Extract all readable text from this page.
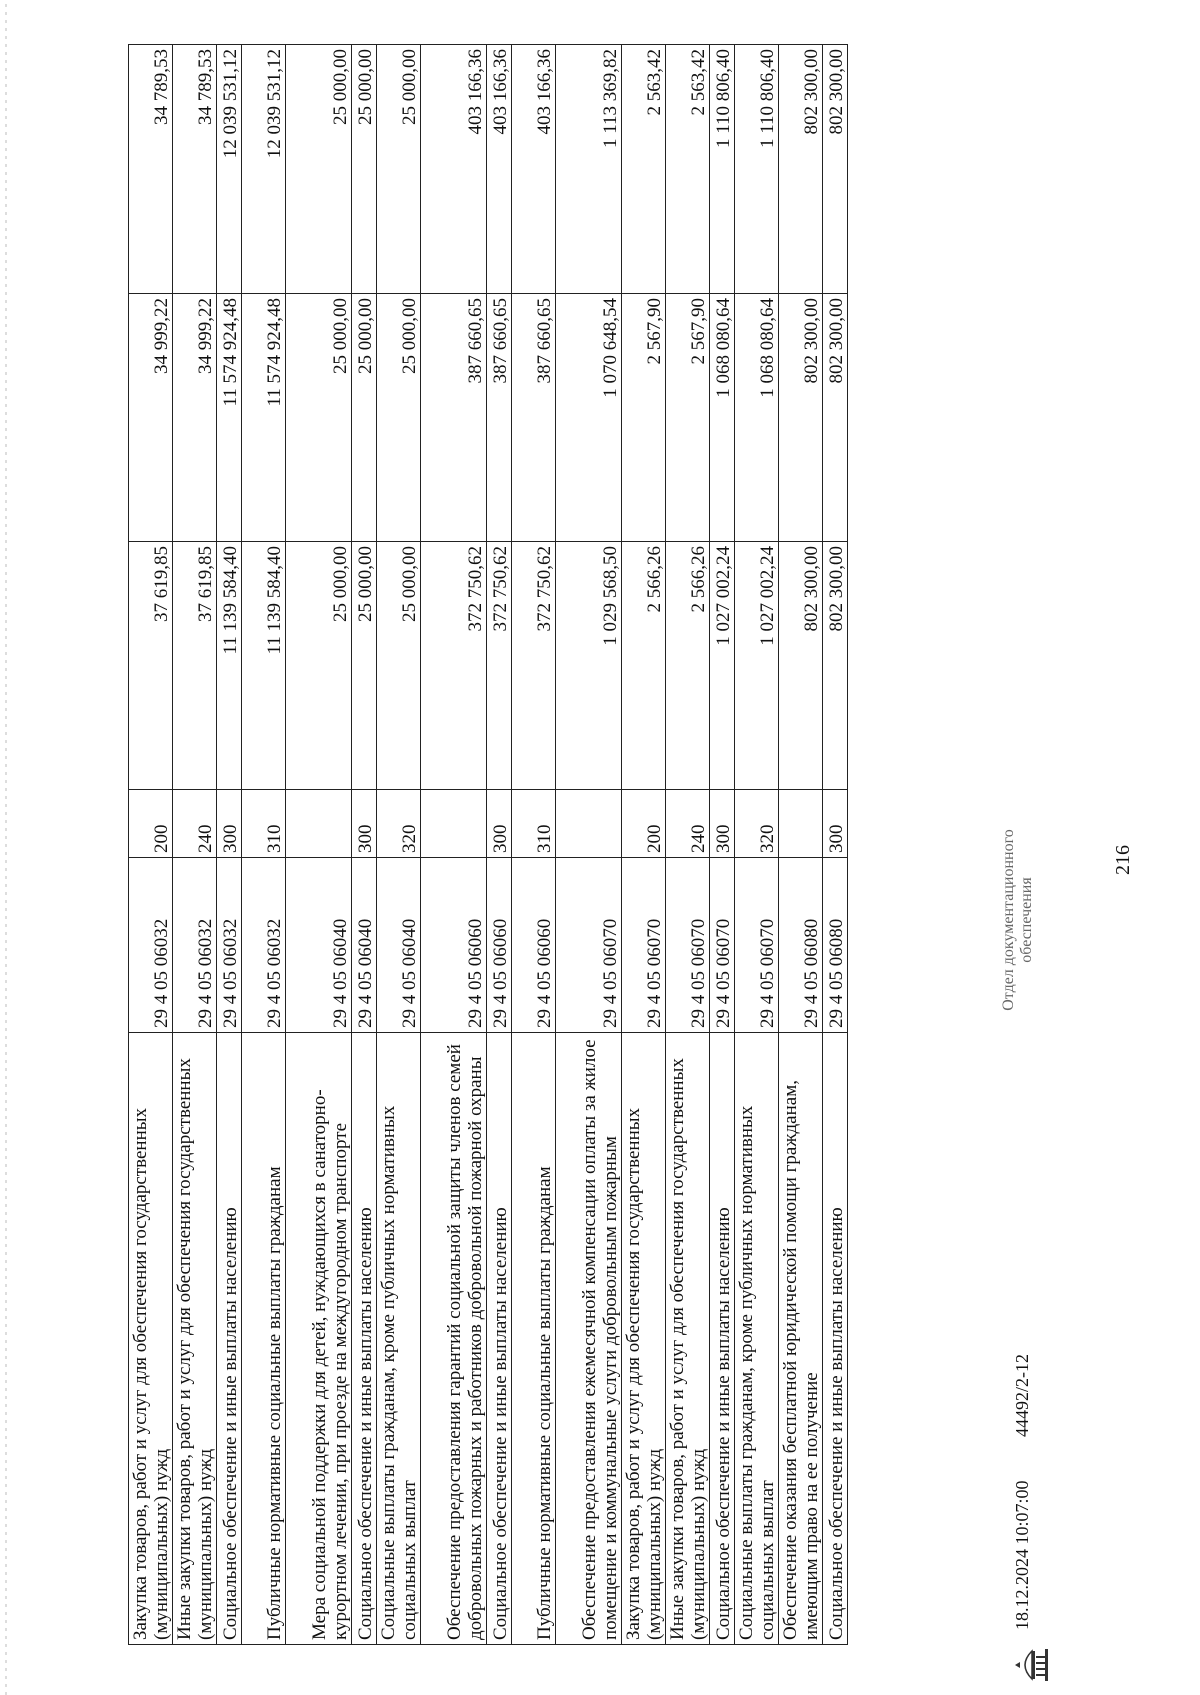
216
Закупка товаров, работ и услуг для обеспечения государственных (муниципальных) нужд	29 4 05 06032	200	37 619,85	34 999,22	34 789,53
Иные закупки товаров, работ и услуг для обеспечения государственных (муниципальных) нужд	29 4 05 06032	240	37 619,85	34 999,22	34 789,53
Социальное обеспечение и иные выплаты населению	29 4 05 06032	300	11 139 584,40	11 574 924,48	12 039 531,12
Публичные нормативные социальные выплаты гражданам	29 4 05 06032	310	11 139 584,40	11 574 924,48	12 039 531,12
Мера социальной поддержки для детей, нуждающихся в санаторно-курортном лечении, при проезде на междугородном транспорте	29 4 05 06040		25 000,00	25 000,00	25 000,00
Социальное обеспечение и иные выплаты населению	29 4 05 06040	300	25 000,00	25 000,00	25 000,00
Социальные выплаты гражданам, кроме публичных нормативных социальных выплат	29 4 05 06040	320	25 000,00	25 000,00	25 000,00
Обеспечение предоставления гарантий социальной защиты членов семей добровольных пожарных и работников добровольной пожарной охраны	29 4 05 06060		372 750,62	387 660,65	403 166,36
Социальное обеспечение и иные выплаты населению	29 4 05 06060	300	372 750,62	387 660,65	403 166,36
Публичные нормативные социальные выплаты гражданам	29 4 05 06060	310	372 750,62	387 660,65	403 166,36
Обеспечение предоставления ежемесячной компенсации оплаты за жилое помещение и коммунальные услуги добровольным пожарным	29 4 05 06070		1 029 568,50	1 070 648,54	1 113 369,82
Закупка товаров, работ и услуг для обеспечения государственных (муниципальных) нужд	29 4 05 06070	200	2 566,26	2 567,90	2 563,42
Иные закупки товаров, работ и услуг для обеспечения государственных (муниципальных) нужд	29 4 05 06070	240	2 566,26	2 567,90	2 563,42
Социальное обеспечение и иные выплаты населению	29 4 05 06070	300	1 027 002,24	1 068 080,64	1 110 806,40
Социальные выплаты гражданам, кроме публичных нормативных социальных выплат	29 4 05 06070	320	1 027 002,24	1 068 080,64	1 110 806,40
Обеспечение оказания бесплатной юридической помощи гражданам, имеющим право на ее получение	29 4 05 06080		802 300,00	802 300,00	802 300,00
Социальное обеспечение и иные выплаты населению	29 4 05 06080	300	802 300,00	802 300,00	802 300,00
18.12.2024 10:07:00
44492/2-12
Отдел документационного обеспечения
